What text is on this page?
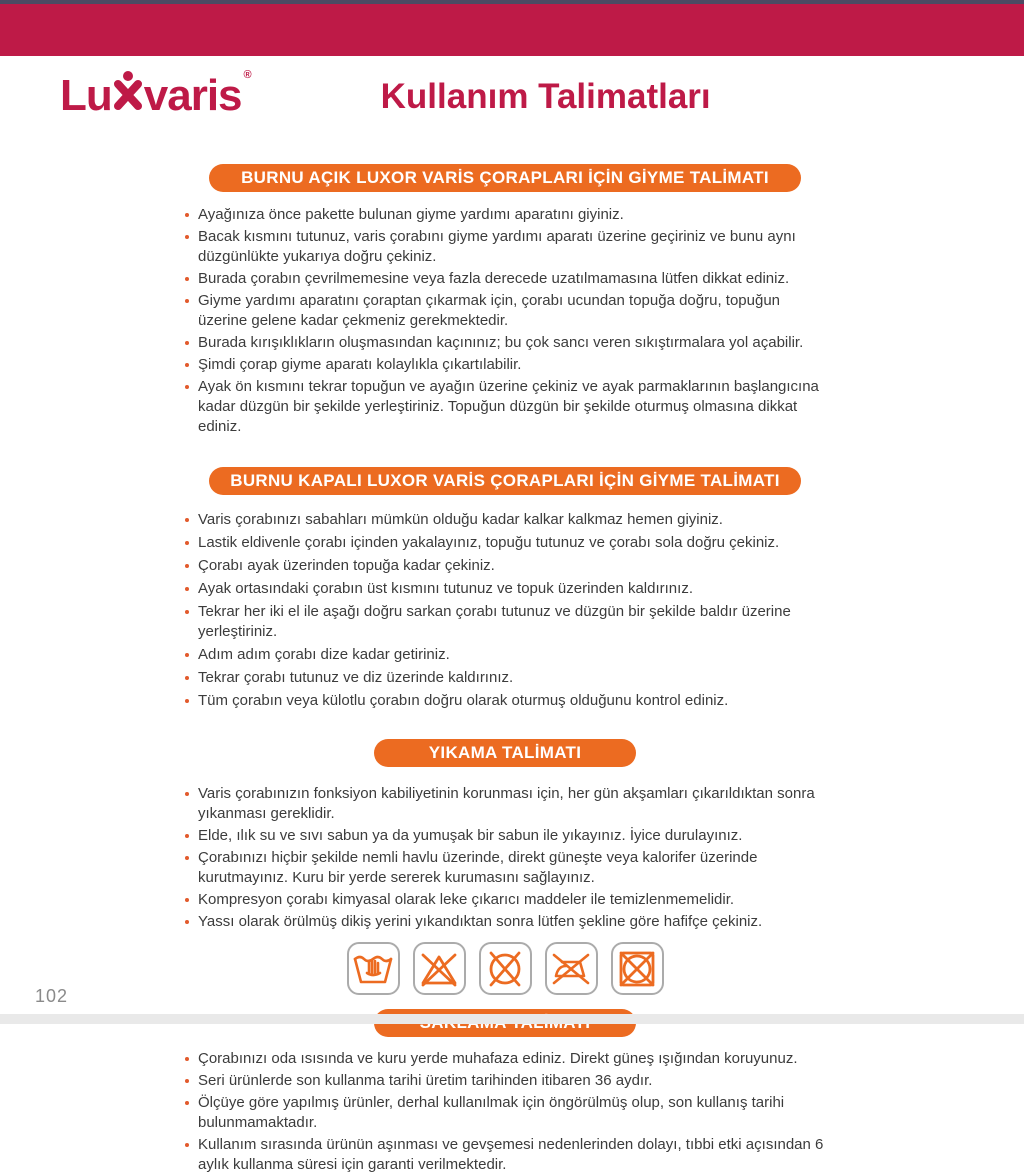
Lu varis®
Kullanım Talimatları
BURNU AÇIK LUXOR VARİS ÇORAPLARI İÇİN GİYME TALİMATI
Ayağınıza önce pakette bulunan giyme yardımı aparatını giyiniz.
Bacak kısmını tutunuz, varis çorabını giyme yardımı aparatı üzerine geçiriniz ve bunu aynı düzgünlükte yukarıya doğru çekiniz.
Burada çorabın çevrilmemesine veya fazla derecede uzatılmamasına lütfen dikkat ediniz.
Giyme yardımı aparatını çoraptan çıkarmak için, çorabı ucundan topuğa doğru, topuğun üzerine gelene kadar çekmeniz gerekmektedir.
Burada kırışıklıkların oluşmasından kaçınınız; bu çok sancı veren sıkıştırmalara yol açabilir.
Şimdi çorap giyme aparatı kolaylıkla çıkartılabilir.
Ayak ön kısmını tekrar topuğun ve ayağın üzerine çekiniz ve ayak parmaklarının başlangıcına kadar düzgün bir şekilde yerleştiriniz. Topuğun düzgün bir şekilde oturmuş olmasına dikkat ediniz.
BURNU KAPALI LUXOR VARİS ÇORAPLARI İÇİN GİYME TALİMATI
Varis çorabınızı sabahları mümkün olduğu kadar kalkar kalkmaz hemen giyiniz.
Lastik eldivenle çorabı içinden yakalayınız, topuğu tutunuz ve çorabı sola doğru çekiniz.
Çorabı ayak üzerinden topuğa kadar çekiniz.
Ayak ortasındaki çorabın üst kısmını tutunuz ve topuk üzerinden kaldırınız.
Tekrar her iki el ile aşağı doğru sarkan çorabı tutunuz ve düzgün bir şekilde baldır üzerine yerleştiriniz.
Adım adım çorabı dize kadar getiriniz.
Tekrar çorabı tutunuz ve diz üzerinde kaldırınız.
Tüm çorabın veya külotlu çorabın doğru olarak oturmuş olduğunu kontrol ediniz.
YIKAMA TALİMATI
Varis çorabınızın fonksiyon kabiliyetinin korunması için, her gün akşamları çıkarıldıktan sonra yıkanması gereklidir.
Elde, ılık su ve sıvı sabun ya da yumuşak bir sabun ile yıkayınız. İyice durulayınız.
Çorabınızı hiçbir şekilde nemli havlu üzerinde, direkt güneşte veya kalorifer üzerinde kurutmayınız. Kuru bir yerde sererek kurumasını sağlayınız.
Kompresyon çorabı kimyasal olarak leke çıkarıcı maddeler ile temizlenmemelidir.
Yassı olarak örülmüş dikiş yerini yıkandıktan sonra lütfen şekline göre hafifçe çekiniz.
Çorabınızı oda ısısında ve kuru yerde muhafaza ediniz. Direkt güneş ışığından koruyunuz.
Seri ürünlerde son kullanma tarihi üretim tarihinden itibaren 36 aydır.
Ölçüye göre yapılmış ürünler, derhal kullanılmak için öngörülmüş olup, son kullanış tarihi bulunmamaktadır.
Kullanım sırasında ürünün aşınması ve gevşemesi nedenlerinden dolayı, tıbbi etki açısından 6 aylık kullanma süresi için garanti verilmektedir.
102
